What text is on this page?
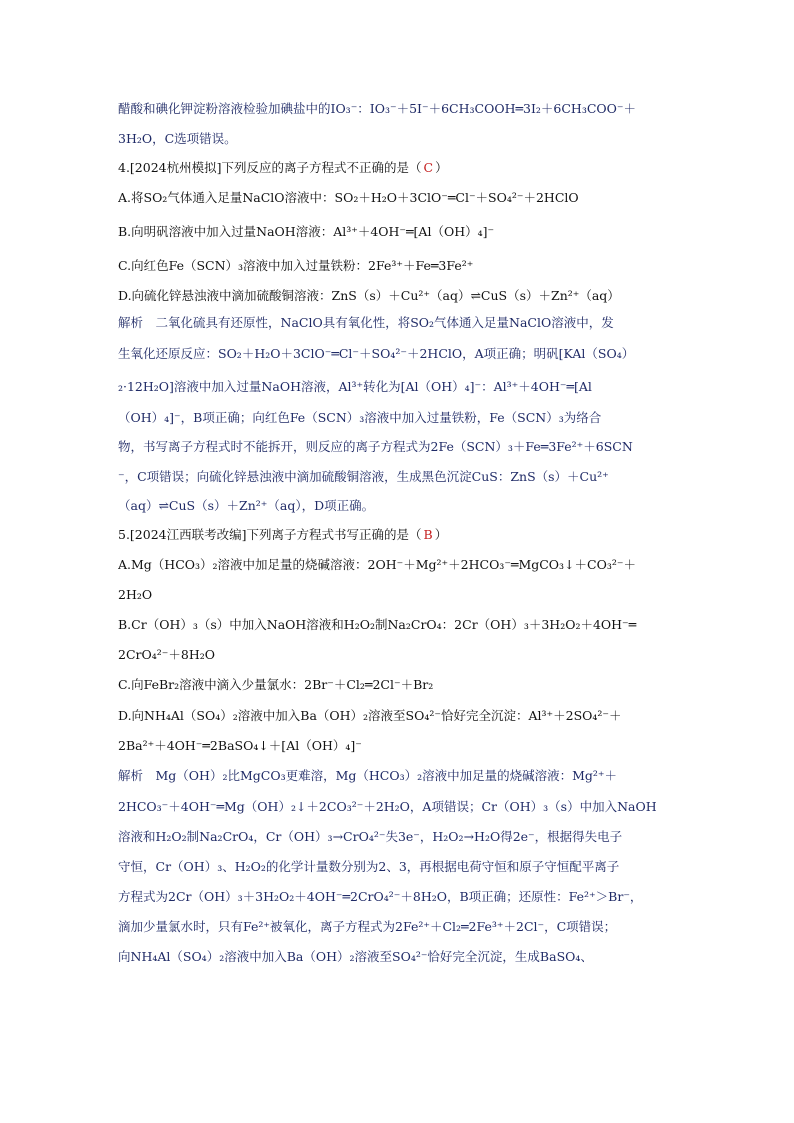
醋酸和碘化钾淀粉溶液检验加碘盐中的IO₃⁻：IO₃⁻＋5I⁻＋6CH₃COOH═3I₂＋6CH₃COO⁻＋
3H₂O，C选项错误。
4.[2024杭州模拟]下列反应的离子方程式不正确的是（ C ）
A.将SO₂气体通入足量NaClO溶液中：SO₂＋H₂O＋3ClO⁻═Cl⁻＋SO₄²⁻＋2HClO
B.向明矾溶液中加入过量NaOH溶液：Al³⁺＋4OH⁻═[Al（OH）₄]⁻
C.向红色Fe（SCN）₃溶液中加入过量铁粉：2Fe³⁺＋Fe═3Fe²⁺
D.向硫化锌悬浊液中滴加硫酸铜溶液：ZnS（s）＋Cu²⁺（aq）⇌CuS（s）＋Zn²⁺（aq）
解析　二氧化硫具有还原性，NaClO具有氧化性，将SO₂气体通入足量NaClO溶液中，发
生氧化还原反应：SO₂＋H₂O＋3ClO⁻═Cl⁻＋SO₄²⁻＋2HClO，A项正确；明矾[KAl（SO₄）
₂·12H₂O]溶液中加入过量NaOH溶液，Al³⁺转化为[Al（OH）₄]⁻：Al³⁺＋4OH⁻═[Al
（OH）₄]⁻，B项正确；向红色Fe（SCN）₃溶液中加入过量铁粉，Fe（SCN）₃为络合
物，书写离子方程式时不能拆开，则反应的离子方程式为2Fe（SCN）₃＋Fe═3Fe²⁺＋6SCN
⁻，C项错误；向硫化锌悬浊液中滴加硫酸铜溶液，生成黑色沉淀CuS：ZnS（s）＋Cu²⁺
（aq）⇌CuS（s）＋Zn²⁺（aq），D项正确。
5.[2024江西联考改编]下列离子方程式书写正确的是（ B ）
A.Mg（HCO₃）₂溶液中加足量的烧碱溶液：2OH⁻＋Mg²⁺＋2HCO₃⁻═MgCO₃↓＋CO₃²⁻＋
2H₂O
B.Cr（OH）₃（s）中加入NaOH溶液和H₂O₂制Na₂CrO₄：2Cr（OH）₃＋3H₂O₂＋4OH⁻═
2CrO₄²⁻＋8H₂O
C.向FeBr₂溶液中滴入少量氯水：2Br⁻＋Cl₂═2Cl⁻＋Br₂
D.向NH₄Al（SO₄）₂溶液中加入Ba（OH）₂溶液至SO₄²⁻恰好完全沉淀：Al³⁺＋2SO₄²⁻＋
2Ba²⁺＋4OH⁻═2BaSO₄↓＋[Al（OH）₄]⁻
解析　Mg（OH）₂比MgCO₃更难溶，Mg（HCO₃）₂溶液中加足量的烧碱溶液：Mg²⁺＋
2HCO₃⁻＋4OH⁻═Mg（OH）₂↓＋2CO₃²⁻＋2H₂O，A项错误；Cr（OH）₃（s）中加入NaOH
溶液和H₂O₂制Na₂CrO₄，Cr（OH）₃→CrO₄²⁻失3e⁻，H₂O₂→H₂O得2e⁻，根据得失电子
守恒，Cr（OH）₃、H₂O₂的化学计量数分别为2、3，再根据电荷守恒和原子守恒配平离子
方程式为2Cr（OH）₃＋3H₂O₂＋4OH⁻═2CrO₄²⁻＋8H₂O，B项正确；还原性：Fe²⁺＞Br⁻，
滴加少量氯水时，只有Fe²⁺被氧化，离子方程式为2Fe²⁺＋Cl₂═2Fe³⁺＋2Cl⁻，C项错误；
向NH₄Al（SO₄）₂溶液中加入Ba（OH）₂溶液至SO₄²⁻恰好完全沉淀，生成BaSO₄、
